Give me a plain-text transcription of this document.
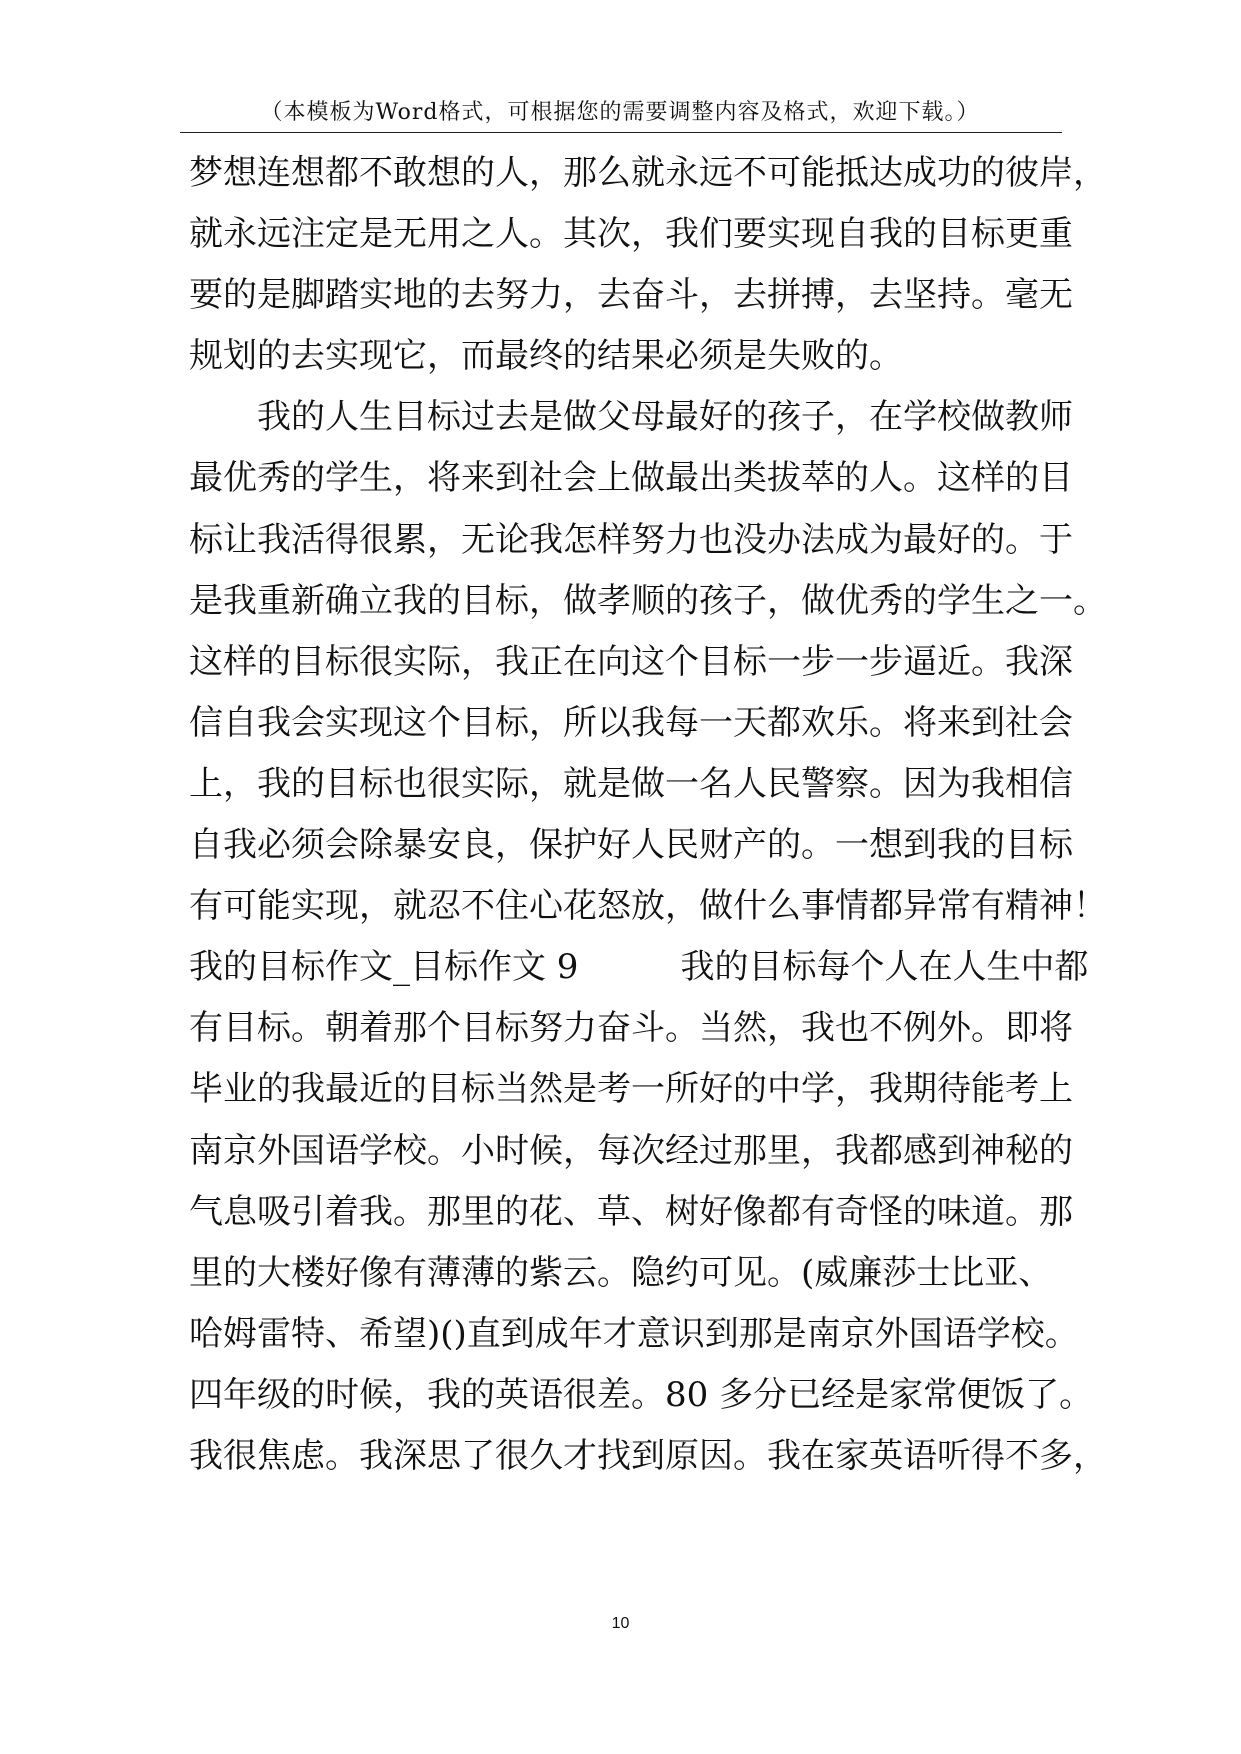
（本模板为Word格式，可根据您的需要调整内容及格式，欢迎下载。）
梦想连想都不敢想的人，那么就永远不可能抵达成功的彼岸，
就永远注定是无用之人。其次，我们要实现自我的目标更重
要的是脚踏实地的去努力，去奋斗，去拼搏，去坚持。毫无
规划的去实现它，而最终的结果必须是失败的。
　　我的人生目标过去是做父母最好的孩子，在学校做教师
最优秀的学生，将来到社会上做最出类拔萃的人。这样的目
标让我活得很累，无论我怎样努力也没办法成为最好的。于
是我重新确立我的目标，做孝顺的孩子，做优秀的学生之一。
这样的目标很实际，我正在向这个目标一步一步逼近。我深
信自我会实现这个目标，所以我每一天都欢乐。将来到社会
上，我的目标也很实际，就是做一名人民警察。因为我相信
自我必须会除暴安良，保护好人民财产的。一想到我的目标
有可能实现，就忍不住心花怒放，做什么事情都异常有精神！
我的目标作文_目标作文 9　　　我的目标每个人在人生中都
有目标。朝着那个目标努力奋斗。当然，我也不例外。即将
毕业的我最近的目标当然是考一所好的中学，我期待能考上
南京外国语学校。小时候，每次经过那里，我都感到神秘的
气息吸引着我。那里的花、草、树好像都有奇怪的味道。那
里的大楼好像有薄薄的紫云。隐约可见。(威廉莎士比亚、
哈姆雷特、希望)()直到成年才意识到那是南京外国语学校。
四年级的时候，我的英语很差。80 多分已经是家常便饭了。
我很焦虑。我深思了很久才找到原因。我在家英语听得不多，
10
